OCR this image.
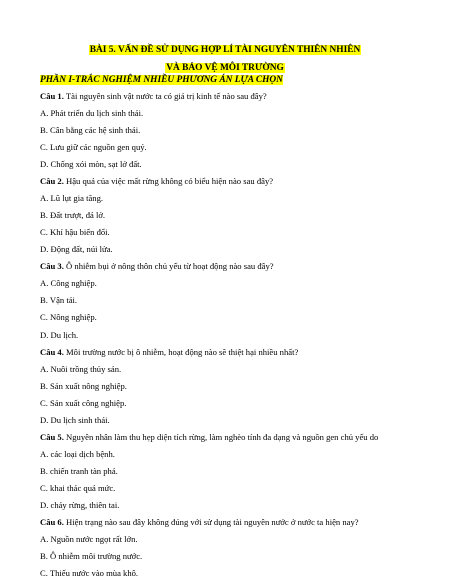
BÀI 5. VẤN ĐỀ SỬ DỤNG HỢP LÍ TÀI NGUYÊN THIÊN NHIÊN
VÀ BẢO VỆ MÔI TRƯỜNG
PHẦN I-TRẮC NGHIỆM NHIỀU PHƯƠNG ÁN LỰA CHỌN
Câu 1. Tài nguyên sinh vật nước ta có giá trị kinh tế nào sau đây?
A. Phát triển du lịch sinh thái.
B. Cân bằng các hệ sinh thái.
C. Lưu giữ các nguồn gen quý.
D. Chống xói mòn, sạt lở đất.
Câu 2. Hậu quả của việc mất rừng không có biểu hiện nào sau đây?
A. Lũ lụt gia tăng.
B. Đất trượt, đá lở.
C. Khí hậu biến đổi.
D. Động đất, núi lửa.
Câu 3. Ô nhiễm bụi ở nông thôn chủ yếu từ hoạt động nào sau đây?
A. Công nghiệp.
B. Vận tải.
C. Nông nghiệp.
D. Du lịch.
Câu 4. Môi trường nước bị ô nhiễm, hoạt động nào sẽ thiệt hại nhiều nhất?
A. Nuôi trồng thủy sản.
B. Sản xuất nông nghiệp.
C. Sản xuất công nghiệp.
D. Du lịch sinh thái.
Câu 5. Nguyên nhân làm thu hẹp diện tích rừng, làm nghèo tính đa dạng và nguồn gen chủ yếu do
A. các loại dịch bệnh.
B. chiến tranh tàn phá.
C. khai thác quá mức.
D. cháy rừng, thiên tai.
Câu 6. Hiện trạng nào sau đây không đúng với sử dụng tài nguyên nước ở nước ta hiện nay?
A. Nguồn nước ngọt rất lớn.
B. Ô nhiễm môi trường nước.
C. Thiếu nước vào mùa khô.
